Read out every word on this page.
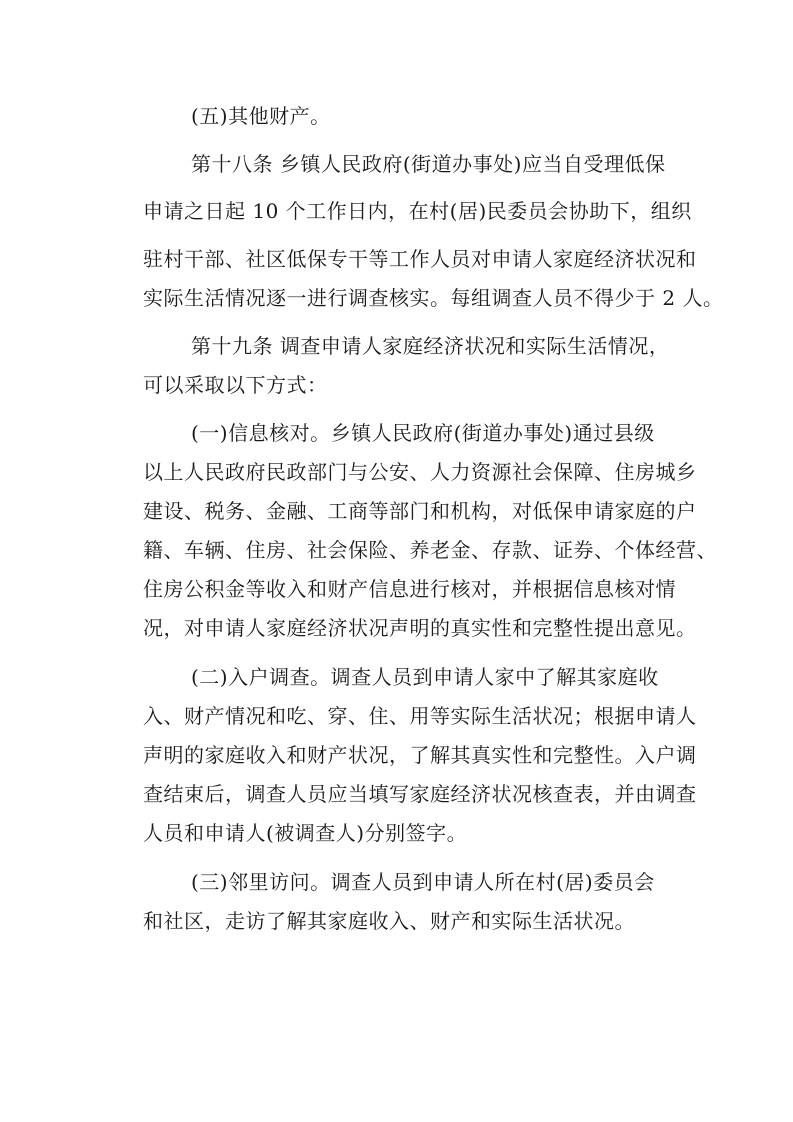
(五)其他财产。
第十八条 乡镇人民政府(街道办事处)应当自受理低保
申请之日起 10 个工作日内，在村(居)民委员会协助下，组织
驻村干部、社区低保专干等工作人员对申请人家庭经济状况和
实际生活情况逐一进行调查核实。每组调查人员不得少于 2 人。
第十九条 调查申请人家庭经济状况和实际生活情况，
可以采取以下方式：
(一)信息核对。乡镇人民政府(街道办事处)通过县级
以上人民政府民政部门与公安、人力资源社会保障、住房城乡
建设、税务、金融、工商等部门和机构，对低保申请家庭的户
籍、车辆、住房、社会保险、养老金、存款、证券、个体经营、
住房公积金等收入和财产信息进行核对，并根据信息核对情
况，对申请人家庭经济状况声明的真实性和完整性提出意见。
(二)入户调查。调查人员到申请人家中了解其家庭收
入、财产情况和吃、穿、住、用等实际生活状况；根据申请人
声明的家庭收入和财产状况，了解其真实性和完整性。入户调
查结束后，调查人员应当填写家庭经济状况核查表，并由调查
人员和申请人(被调查人)分别签字。
(三)邻里访问。调查人员到申请人所在村(居)委员会
和社区，走访了解其家庭收入、财产和实际生活状况。
